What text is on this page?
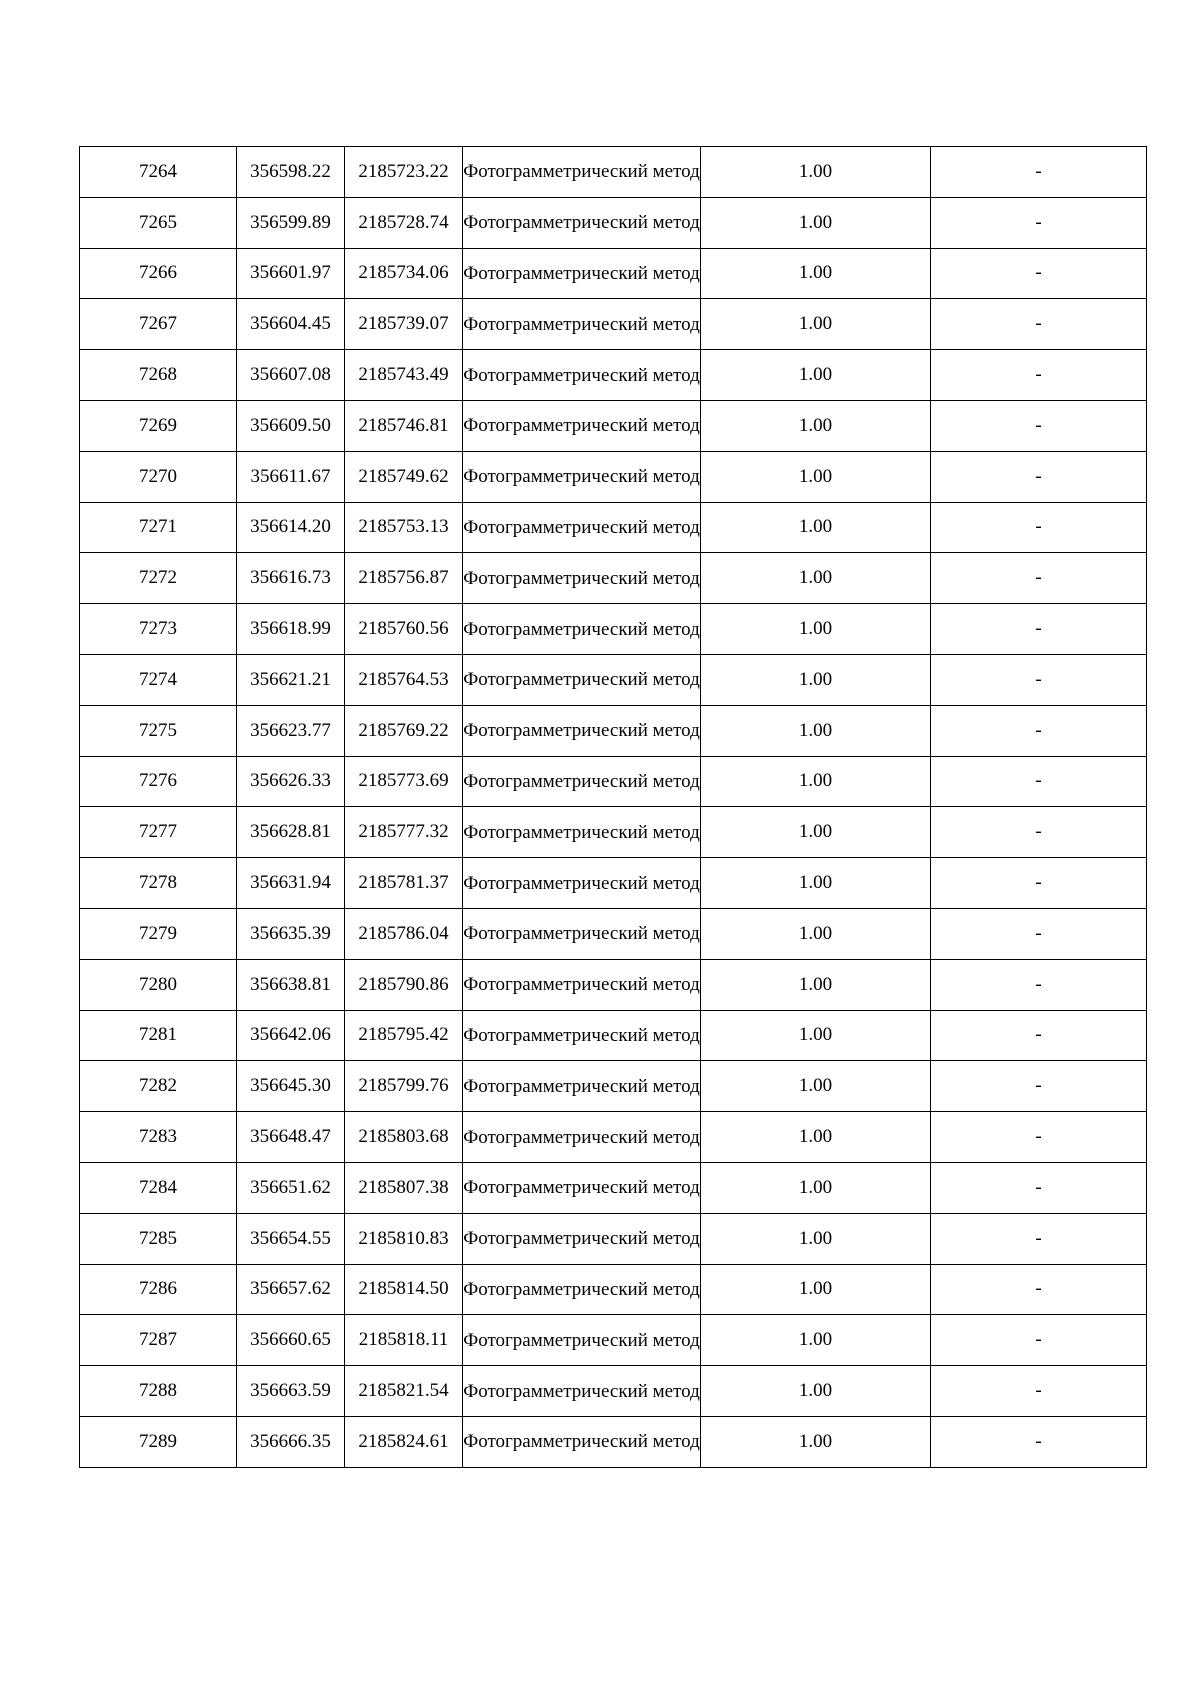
7264	356598.22	2185723.22	Фотограмметрический метод	1.00	-
7265	356599.89	2185728.74	Фотограмметрический метод	1.00	-
7266	356601.97	2185734.06	Фотограмметрический метод	1.00	-
7267	356604.45	2185739.07	Фотограмметрический метод	1.00	-
7268	356607.08	2185743.49	Фотограмметрический метод	1.00	-
7269	356609.50	2185746.81	Фотограмметрический метод	1.00	-
7270	356611.67	2185749.62	Фотограмметрический метод	1.00	-
7271	356614.20	2185753.13	Фотограмметрический метод	1.00	-
7272	356616.73	2185756.87	Фотограмметрический метод	1.00	-
7273	356618.99	2185760.56	Фотограмметрический метод	1.00	-
7274	356621.21	2185764.53	Фотограмметрический метод	1.00	-
7275	356623.77	2185769.22	Фотограмметрический метод	1.00	-
7276	356626.33	2185773.69	Фотограмметрический метод	1.00	-
7277	356628.81	2185777.32	Фотограмметрический метод	1.00	-
7278	356631.94	2185781.37	Фотограмметрический метод	1.00	-
7279	356635.39	2185786.04	Фотограмметрический метод	1.00	-
7280	356638.81	2185790.86	Фотограмметрический метод	1.00	-
7281	356642.06	2185795.42	Фотограмметрический метод	1.00	-
7282	356645.30	2185799.76	Фотограмметрический метод	1.00	-
7283	356648.47	2185803.68	Фотограмметрический метод	1.00	-
7284	356651.62	2185807.38	Фотограмметрический метод	1.00	-
7285	356654.55	2185810.83	Фотограмметрический метод	1.00	-
7286	356657.62	2185814.50	Фотограмметрический метод	1.00	-
7287	356660.65	2185818.11	Фотограмметрический метод	1.00	-
7288	356663.59	2185821.54	Фотограмметрический метод	1.00	-
7289	356666.35	2185824.61	Фотограмметрический метод	1.00	-
